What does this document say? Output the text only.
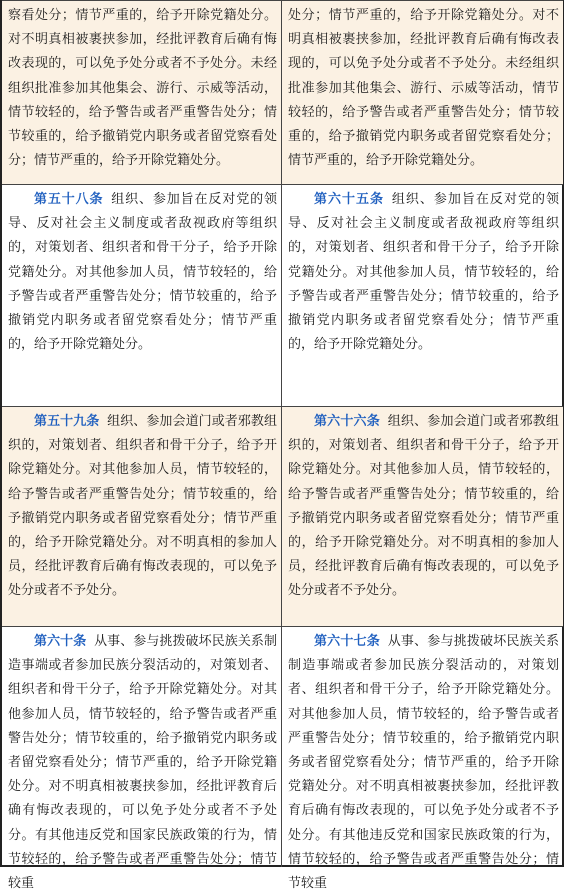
察看处分；情节严重的，给予开除党籍处分。对不明真相被裹挟参加，经批评教育后确有悔改表现的，可以免予处分或者不予处分。未经组织批准参加其他集会、游行、示威等活动，情节较轻的，给予警告或者严重警告处分；情节较重的，给予撤销党内职务或者留党察看处分；情节严重的，给予开除党籍处分。
处分；情节严重的，给予开除党籍处分。对不明真相被裹挟参加，经批评教育后确有悔改表现的，可以免予处分或者不予处分。未经组织批准参加其他集会、游行、示威等活动，情节较轻的，给予警告或者严重警告处分；情节较重的，给予撤销党内职务或者留党察看处分；情节严重的，给予开除党籍处分。
第五十八条 组织、参加旨在反对党的领导、反对社会主义制度或者敌视政府等组织的，对策划者、组织者和骨干分子，给予开除党籍处分。对其他参加人员，情节较轻的，给予警告或者严重警告处分；情节较重的，给予撤销党内职务或者留党察看处分；情节严重的，给予开除党籍处分。
第六十五条 组织、参加旨在反对党的领导、反对社会主义制度或者敌视政府等组织的，对策划者、组织者和骨干分子，给予开除党籍处分。对其他参加人员，情节较轻的，给予警告或者严重警告处分；情节较重的，给予撤销党内职务或者留党察看处分；情节严重的，给予开除党籍处分。
第五十九条 组织、参加会道门或者邪教组织的，对策划者、组织者和骨干分子，给予开除党籍处分。对其他参加人员，情节较轻的，给予警告或者严重警告处分；情节较重的，给予撤销党内职务或者留党察看处分；情节严重的，给予开除党籍处分。对不明真相的参加人员，经批评教育后确有悔改表现的，可以免予处分或者不予处分。
第六十六条 组织、参加会道门或者邪教组织的，对策划者、组织者和骨干分子，给予开除党籍处分。对其他参加人员，情节较轻的，给予警告或者严重警告处分；情节较重的，给予撤销党内职务或者留党察看处分；情节严重的，给予开除党籍处分。对不明真相的参加人员，经批评教育后确有悔改表现的，可以免予处分或者不予处分。
第六十条 从事、参与挑拨破坏民族关系制造事端或者参加民族分裂活动的，对策划者、组织者和骨干分子，给予开除党籍处分。对其他参加人员，情节较轻的，给予警告或者严重警告处分；情节较重的，给予撤销党内职务或者留党察看处分；情节严重的，给予开除党籍处分。对不明真相被裹挟参加，经批评教育后确有悔改表现的，可以免予处分或者不予处分。有其他违反党和国家民族政策的行为，情节较轻的，给予警告或者严重警告处分；情节较重
第六十七条 从事、参与挑拨破坏民族关系制造事端或者参加民族分裂活动的，对策划者、组织者和骨干分子，给予开除党籍处分。对其他参加人员，情节较轻的，给予警告或者严重警告处分；情节较重的，给予撤销党内职务或者留党察看处分；情节严重的，给予开除党籍处分。对不明真相被裹挟参加，经批评教育后确有悔改表现的，可以免予处分或者不予处分。有其他违反党和国家民族政策的行为，情节较轻的，给予警告或者严重警告处分；情节较重
